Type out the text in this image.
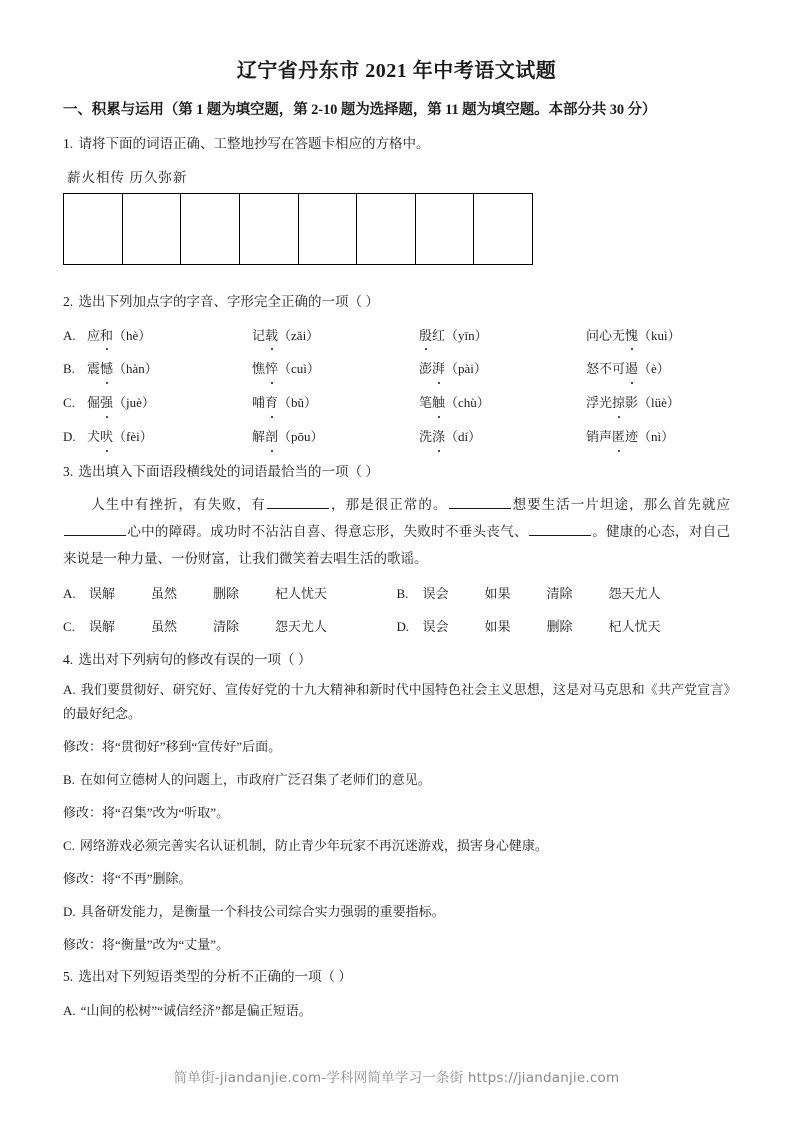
辽宁省丹东市 2021 年中考语文试题
一、积累与运用（第 1 题为填空题，第 2-10 题为选择题，第 11 题为填空题。本部分共 30 分）
1. 请将下面的词语正确、工整地抄写在答题卡相应的方格中。
薪火相传 历久弥新
2. 选出下列加点字的字音、字形完全正确的一项（ ）
A. 应和（hè）	记载（zǎi）	殷红（yīn）	问心无愧（kuì）
B. 震憾（hàn）	憔悴（cuì）	澎湃（pài）	怒不可遏（è）
C. 倔强（juè）	哺育（bǔ）	笔触（chù）	浮光掠影（lüè）
D. 犬吠（fèi）	解剖（pōu）	洗涤（dí）	销声匿迹（nì）
3. 选出填入下面语段横线处的词语最恰当的一项（ ）
人生中有挫折，有失败，有	，那是很正常的。	想要生活一片坦途，那么首先就应心中的障碍。成功时不沾沾自喜、得意忘形，失败时不垂头丧气、	。健康的心态，对自己来说是一种力量、一份财富，让我们微笑着去唱生活的歌谣。
A.	误解	虽然	删除	杞人忧天	B.	误会	如果	清除	怨天尤人
C.	误解	虽然	清除	怨天尤人	D.	误会	如果	删除	杞人忧天
4. 选出对下列病句的修改有误的一项（ ）
A. 我们要贯彻好、研究好、宣传好党的十九大精神和新时代中国特色社会主义思想，这是对马克思和《共产党宣言》的最好纪念。
修改：将“贯彻好”移到“宣传好”后面。
B. 在如何立德树人的问题上，市政府广泛召集了老师们的意见。
修改：将“召集”改为“听取”。
C. 网络游戏必须完善实名认证机制，防止青少年玩家不再沉迷游戏，损害身心健康。
修改：将“不再”删除。
D. 具备研发能力，是衡量一个科技公司综合实力强弱的重要指标。
修改：将“衡量”改为“丈量”。
5. 选出对下列短语类型的分析不正确的一项（ ）
A. “山间的松树”“诚信经济”都是偏正短语。
简单街-jiandanjie.com-学科网简单学习一条街 https://jiandanjie.com
